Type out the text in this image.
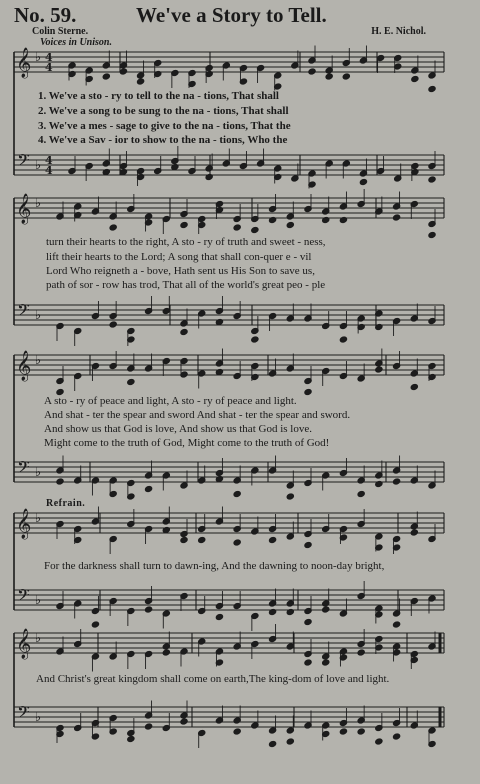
No. 59.	We've a Story to Tell.
Colin Sterne.	H. E. Nichol.
Voices in Unison.
Refrain.
𝄞
𝄢
♭
♭
4
4
4
4
𝄞
𝄢
♭
♭
𝄞
𝄢
♭
♭
𝄞
𝄢
♭
♭
𝄞
𝄢
♭
♭
1. We've a sto - ry to tell to the na - tions, That shall
2. We've a song to be sung to the na - tions, That shall
3. We've a mes - sage to give to the na - tions, That the
4. We've a Sav - ior to show to the na - tions, Who the
turn their hearts to the right, A sto - ry of truth and sweet - ness,
lift their hearts to the Lord; A song that shall con-quer e - vil
Lord Who reigneth a - bove, Hath sent us His Son to save us,
path of sor - row has trod, That all of the world's great peo - ple
A sto - ry of peace and light, A sto - ry of peace and light.
And shat - ter the spear and sword And shat - ter the spear and sword.
And show us that God is love, And show us that God is love.
Might come to the truth of God, Might come to the truth of God!
For the darkness shall turn to dawn-ing, And the dawning to noon-day bright,
And Christ's great kingdom shall come on earth,The king-dom of love and light.
